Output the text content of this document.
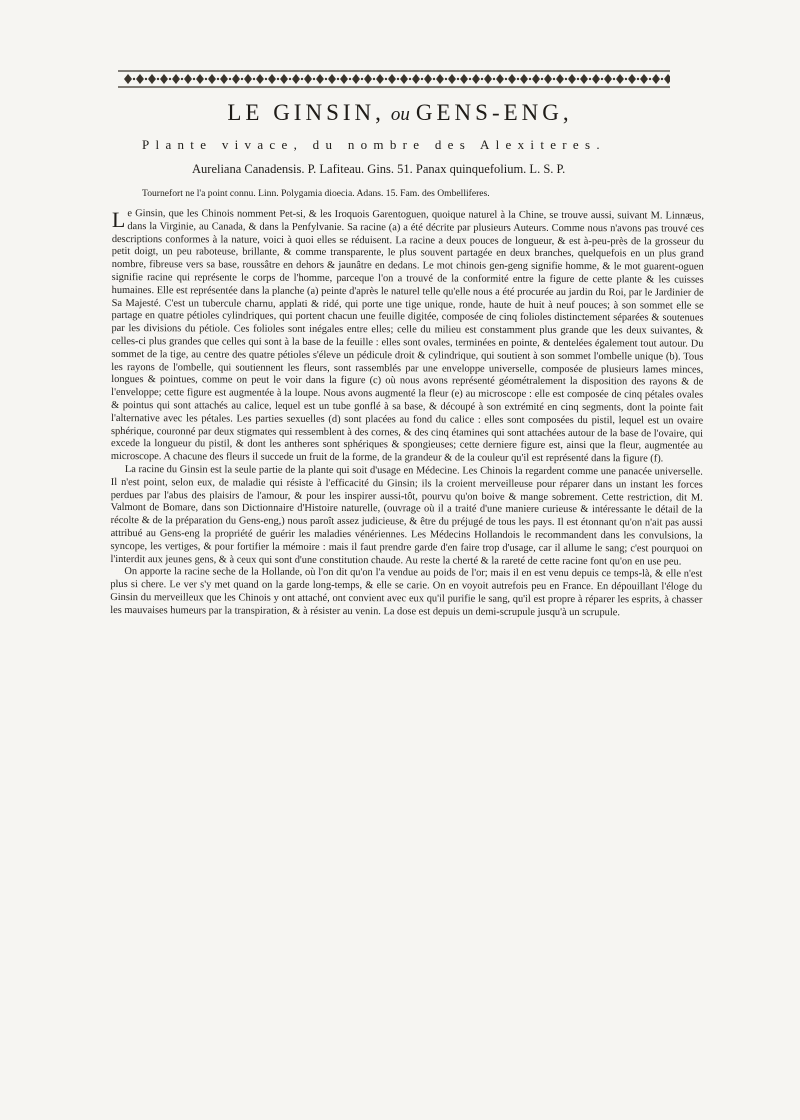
LE GINSIN, ou GENS-ENG,
Plante vivace, du nombre des Alexiteres.
Aureliana Canadensis. P. Lafiteau. Gins. 51. Panax quinquefolium. L. S. P.
Tournefort ne l'a point connu. Linn. Polygamia dioecia. Adans. 15. Fam. des Ombelliferes.

Le Ginsin, que les Chinois nomment Pet-si, & les Iroquois Garentoguen, quoique naturel à la Chine, se trouve aussi, suivant M. Linnæus, dans la Virginie, au Canada, & dans la Penfylvanie. Sa racine (a) a été décrite par plusieurs Auteurs. Comme nous n'avons pas trouvé ces descriptions conformes à la nature, voici à quoi elles se réduisent. La racine a deux pouces de longueur, & est à-peu-près de la grosseur du petit doigt, un peu raboteuse, brillante, & comme transparente, le plus souvent partagée en deux branches, quelquefois en un plus grand nombre, fibreuse vers sa base, roussâtre en dehors & jaunâtre en dedans. Le mot chinois gen-geng signifie homme, & le mot guarent-oguen signifie racine qui représente le corps de l'homme, parceque l'on a trouvé de la conformité entre la figure de cette plante & les cuisses humaines. Elle est représentée dans la planche (a) peinte d'après le naturel telle qu'elle nous a été procurée au jardin du Roi, par le Jardinier de Sa Majesté. C'est un tubercule charnu, applati & ridé, qui porte une tige unique, ronde, haute de huit à neuf pouces; à son sommet elle se partage en quatre pétioles cylindriques, qui portent chacun une feuille digitée, composée de cinq folioles distinctement séparées & soutenues par les divisions du pétiole. Ces folioles sont inégales entre elles; celle du milieu est constamment plus grande que les deux suivantes, & celles-ci plus grandes que celles qui sont à la base de la feuille : elles sont ovales, terminées en pointe, & dentelées également tout autour. Du sommet de la tige, au centre des quatre pétioles s'éleve un pédicule droit & cylindrique, qui soutient à son sommet l'ombelle unique (b). Tous les rayons de l'ombelle, qui soutiennent les fleurs, sont rassemblés par une enveloppe universelle, composée de plusieurs lames minces, longues & pointues, comme on peut le voir dans la figure (c) où nous avons représenté géométralement la disposition des rayons & de l'enveloppe; cette figure est augmentée à la loupe. Nous avons augmenté la fleur (e) au microscope : elle est composée de cinq pétales ovales & pointus qui sont attachés au calice, lequel est un tube gonflé à sa base, & découpé à son extrémité en cinq segments, dont la pointe fait l'alternative avec les pétales. Les parties sexuelles (d) sont placées au fond du calice : elles sont composées du pistil, lequel est un ovaire sphérique, couronné par deux stigmates qui ressemblent à des cornes, & des cinq étamines qui sont attachées autour de la base de l'ovaire, qui excede la longueur du pistil, & dont les antheres sont sphériques & spongieuses; cette derniere figure est, ainsi que la fleur, augmentée au microscope. A chacune des fleurs il succede un fruit de la forme, de la grandeur & de la couleur qu'il est représenté dans la figure (f).

La racine du Ginsin est la seule partie de la plante qui soit d'usage en Médecine. Les Chinois la regardent comme une panacée universelle. Il n'est point, selon eux, de maladie qui résiste à l'efficacité du Ginsin; ils la croient merveilleuse pour réparer dans un instant les forces perdues par l'abus des plaisirs de l'amour, & pour les inspirer aussi-tôt, pourvu qu'on boive & mange sobrement. Cette restriction, dit M. Valmont de Bomare, dans son Dictionnaire d'Histoire naturelle, (ouvrage où il a traité d'une maniere curieuse & intéressante le détail de la récolte & de la préparation du Gens-eng,) nous paroît assez judicieuse, & être du préjugé de tous les pays. Il est étonnant qu'on n'ait pas aussi attribué au Gens-eng la propriété de guérir les maladies vénériennes. Les Médecins Hollandois le recommandent dans les convulsions, la syncope, les vertiges, & pour fortifier la mémoire : mais il faut prendre garde d'en faire trop d'usage, car il allume le sang; c'est pourquoi on l'interdit aux jeunes gens, & à ceux qui sont d'une constitution chaude. Au reste la cherté & la rareté de cette racine font qu'on en use peu.

On apporte la racine seche de la Hollande, où l'on dit qu'on l'a vendue au poids de l'or; mais il en est venu depuis ce temps-là, & elle n'est plus si chere. Le ver s'y met quand on la garde long-temps, & elle se carie. On en voyoit autrefois peu en France. En dépouillant l'éloge du Ginsin du merveilleux que les Chinois y ont attaché, ont convient avec eux qu'il purifie le sang, qu'il est propre à réparer les esprits, à chasser les mauvaises humeurs par la transpiration, & à résister au venin. La dose est depuis un demi-scrupule jusqu'à un scrupule.
